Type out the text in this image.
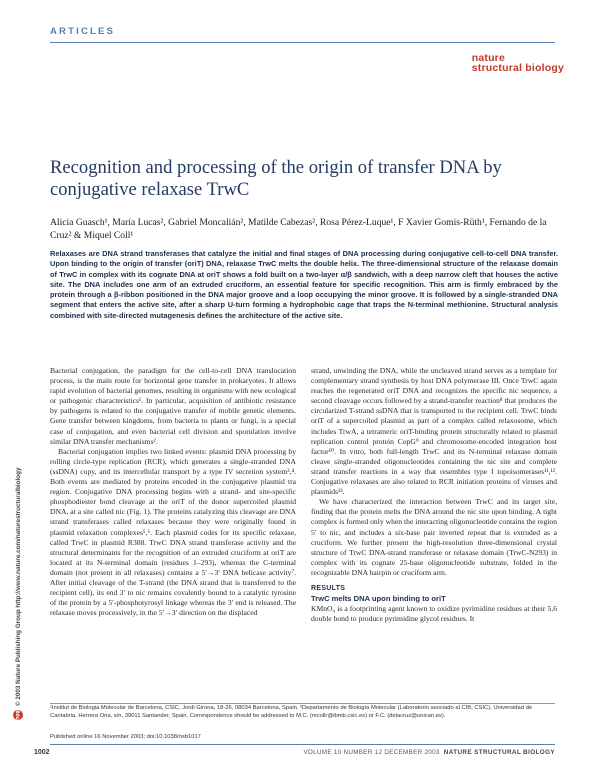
ARTICLES
nature
structural biology
npg
© 2003 Nature Publishing Group http://www.nature.com/naturestructuralbiology
Recognition and processing of the origin of transfer DNA by conjugative relaxase TrwC
Alicia Guasch¹, María Lucas², Gabriel Moncalián², Matilde Cabezas², Rosa Pérez-Luque¹, F Xavier Gomis-Rüth¹, Fernando de la Cruz² & Miquel Coll¹
Relaxases are DNA strand transferases that catalyze the initial and final stages of DNA processing during conjugative cell-to-cell DNA transfer. Upon binding to the origin of transfer (oriT) DNA, relaxase TrwC melts the double helix. The three-dimensional structure of the relaxase domain of TrwC in complex with its cognate DNA at oriT shows a fold built on a two-layer α/β sandwich, with a deep narrow cleft that houses the active site. The DNA includes one arm of an extruded cruciform, an essential feature for specific recognition. This arm is firmly embraced by the protein through a β-ribbon positioned in the DNA major groove and a loop occupying the minor groove. It is followed by a single-stranded DNA segment that enters the active site, after a sharp U-turn forming a hydrophobic cage that traps the N-terminal methionine. Structural analysis combined with site-directed mutagenesis defines the architecture of the active site.

Bacterial conjugation, the paradigm for the cell-to-cell DNA translocation process, is the main route for horizontal gene transfer in prokaryotes. It allows rapid evolution of bacterial genomes, resulting in organisms with new ecological or pathogenic characteristics¹. In particular, acquisition of antibiotic resistance by pathogens is related to the conjugative transfer of mobile genetic elements. Gene transfer between kingdoms, from bacteria to plants or fungi, is a special case of conjugation, and even bacterial cell division and sporulation involve similar DNA transfer mechanisms².

Bacterial conjugation implies two linked events: plasmid DNA processing by rolling circle-type replication (RCR), which generates a single-stranded DNA (ssDNA) copy, and its intercellular transport by a type IV secretion system³,⁴. Both events are mediated by proteins encoded in the conjugative plasmid tra region. Conjugative DNA processing begins with a strand- and site-specific phosphodiester bond cleavage at the oriT of the donor supercoiled plasmid DNA, at a site called nic (Fig. 1). The proteins catalyzing this cleavage are DNA strand transferases called relaxases because they were originally found in plasmid relaxation complexes⁵,⁶. Each plasmid codes for its specific relaxase, called TrwC in plasmid R388. TrwC DNA strand transferase activity and the structural determinants for the recognition of an extruded cruciform at oriT are located at its N-terminal domain (residues 1–293), whereas the C-terminal domain (not present in all relaxases) contains a 5′→3′ DNA helicase activity⁷. After initial cleavage of the T-strand (the DNA strand that is transferred to the recipient cell), its end 3′ to nic remains covalently bound to a catalytic tyrosine of the protein by a 5′-phosphotyrosyl linkage whereas the 3′ end is released. The relaxase moves processively, in the 5′→3′ direction on the displaced

strand, unwinding the DNA, while the uncleaved strand serves as a template for complementary strand synthesis by host DNA polymerase III. Once TrwC again reaches the regenerated oriT DNA and recognizes the specific nic sequence, a second cleavage occurs followed by a strand-transfer reaction⁸ that produces the circularized T-strand ssDNA that is transported to the recipient cell. TrwC binds oriT of a supercoiled plasmid as part of a complex called relaxosome, which includes TrwA, a tetrameric oriT-binding protein structurally related to plasmid replication control protein CopG⁹ and chromosome-encoded integration host factor¹⁰. In vitro, both full-length TrwC and its N-terminal relaxase domain cleave single-stranded oligonucleotides containing the nic site and complete strand transfer reactions in a way that resembles type I topoisomerases¹¹,¹². Conjugative relaxases are also related to RCR initiation proteins of viruses and plasmids¹³.

We have characterized the interaction between TrwC and its target site, finding that the protein melts the DNA around the nic site upon binding. A tight complex is formed only when the interacting oligonucleotide contains the region 5′ to nic, and includes a six-base pair inverted repeat that is extruded as a cruciform. We further present the high-resolution three-dimensional crystal structure of TrwC DNA-strand transferase or relaxase domain (TrwC-N293) in complex with its cognate 25-base oligonucleotide substrate, folded in the recognizable DNA hairpin or cruciform arm.

RESULTS
TrwC melts DNA upon binding to oriT

KMnO₄ is a footprinting agent known to oxidize pyrimidine residues at their 5,6 double bond to produce pyrimidine glycol residues. It

¹Institut de Biologia Molecular de Barcelona, CSIC, Jordi Girona, 18-26, 08034 Barcelona, Spain. ²Departamento de Biología Molecular (Laboratorio asociado al CIB, CSIC), Universidad de Cantabria, Herrera Oria, s/n, 39011 Santander, Spain. Correspondence should be addressed to M.C. (mcollr@ibmb.csic.es) or F.C. (delacruz@unican.es).
Published online 16 November 2003; doi:10.1038/nsb1017
1002	VOLUME 10 NUMBER 12 DECEMBER 2003 NATURE STRUCTURAL BIOLOGY
